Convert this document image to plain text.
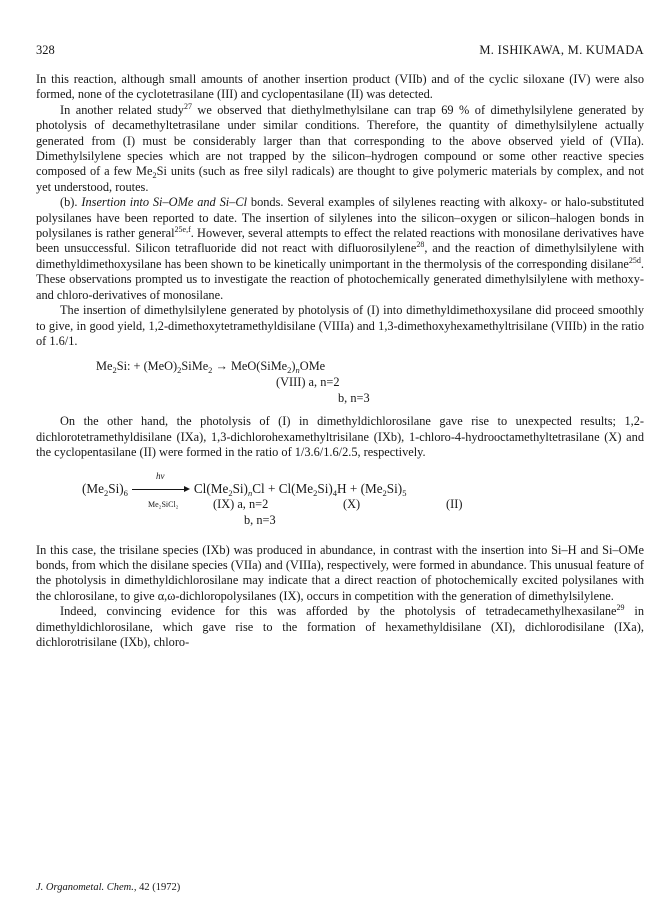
328	M. ISHIKAWA, M. KUMADA

In this reaction, although small amounts of another insertion product (VIIb) and of the cyclic siloxane (IV) were also formed, none of the cyclotetrasilane (III) and cyclopentasilane (II) was detected.

In another related study$^{27}$ we observed that diethylmethylsilane can trap 69 % of dimethylsilylene generated by photolysis of decamethyltetrasilane under similar conditions. Therefore, the quantity of dimethylsilylene actually generated from (I) must be considerably larger than that corresponding to the above observed yield of (VIIa). Dimethylsilylene species which are not trapped by the silicon–hydrogen compound or some other reactive species composed of a few $Me_2Si$ units (such as free silyl radicals) are thought to give polymeric materials by complex, and not yet understood, routes.

(b). Insertion into Si–OMe and Si–Cl bonds. Several examples of silylenes reacting with alkoxy- or halo-substituted polysilanes have been reported to date. The insertion of silylenes into the silicon–oxygen or silicon–halogen bonds in polysilanes is rather general$^{25e,f}$. However, several attempts to effect the related reactions with monosilane derivatives have been unsuccessful. Silicon tetrafluoride did not react with difluorosilylene$^{28}$, and the reaction of dimethylsilylene with dimethyldimethoxysilane has been shown to be kinetically unimportant in the thermolysis of the corresponding disilane$^{25d}$. These observations prompted us to investigate the reaction of photochemically generated dimethylsilylene with methoxy- and chloro-derivatives of monosilane.

The insertion of dimethylsilylene generated by photolysis of (I) into dimethyldimethoxysilane did proceed smoothly to give, in good yield, 1,2-dimethoxytetramethyldisilane (VIIIa) and 1,3-dimethoxyhexamethyltrisilane (VIIIb) in the ratio of 1.6/1.

$Me_2Si$: + $(MeO)_2SiMe_2$ → $MeO(SiMe_2)_nOMe$
(VIII) a, n=2
b, n=3

On the other hand, the photolysis of (I) in dimethyldichlorosilane gave rise to unexpected results; 1,2-dichlorotetramethyldisilane (IXa), 1,3-dichlorohexamethyltrisilane (IXb), 1-chloro-4-hydrooctamethyltetrasilane (X) and the cyclopentasilane (II) were formed in the ratio of 1/3.6/1.6/2.5, respectively.

hν
$(Me_2Si)_6$	$Cl(Me_2Si)_nCl + Cl(Me_2Si)_4H + (Me_2Si)_5$
Me₂SiCl₂	(IX) a, n=2	(X)	(II)
b, n=3

In this case, the trisilane species (IXb) was produced in abundance, in contrast with the insertion into Si–H and Si–OMe bonds, from which the disilane species (VIIa) and (VIIIa), respectively, were formed in abundance. This unusual feature of the photolysis in dimethyldichlorosilane may indicate that a direct reaction of photochemically excited polysilanes with the chlorosilane, to give α,ω-dichloropolysilanes (IX), occurs in competition with the generation of dimethylsilylene.

Indeed, convincing evidence for this was afforded by the photolysis of tetradecamethylhexasilane$^{29}$ in dimethyldichlorosilane, which gave rise to the formation of hexamethyldisilane (XI), dichlorodisilane (IXa), dichlorotrisilane (IXb), chloro-

J. Organometal. Chem., 42 (1972)
